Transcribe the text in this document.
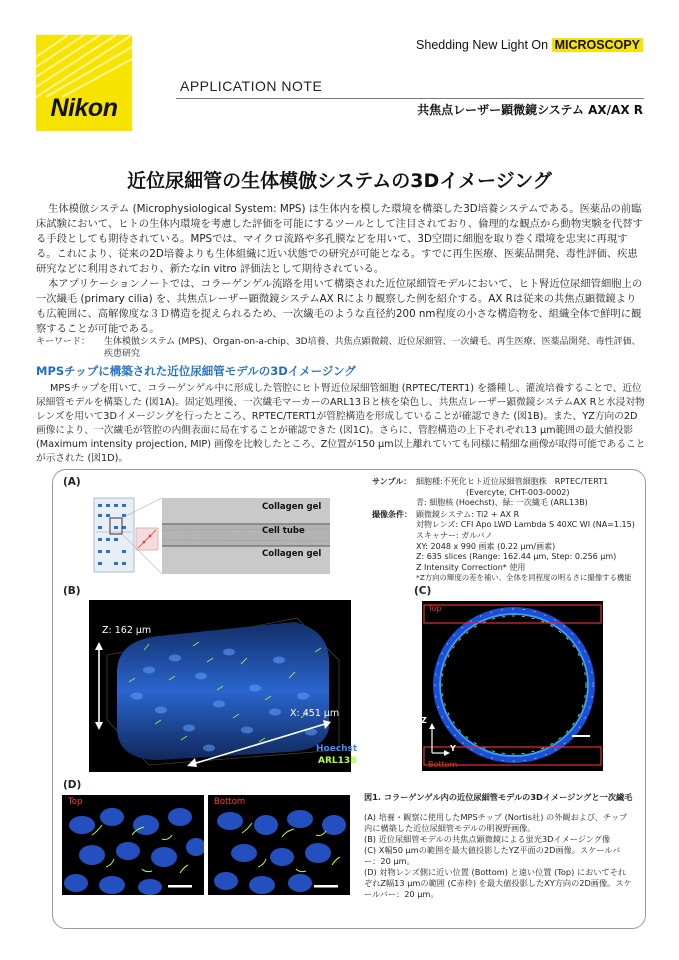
Nikon
Shedding New Light On MICROSCOPY
APPLICATION NOTE
共焦点レーザー顕微鏡システム AX/AX R
近位尿細管の生体模倣システムの3Dイメージング

生体模倣システム (Microphysiological System: MPS) は生体内を模した環境を構築した3D培養システムである。医薬品の前臨床試験において、ヒトの生体内環境を考慮した評価を可能にするツールとして注目されており、倫理的な観点から動物実験を代替する手段としても期待されている。MPSでは、マイクロ流路や多孔膜などを用いて、3D空間に細胞を取り巻く環境を忠実に再現する。これにより、従来の2D培養よりも生体組織に近い状態での研究が可能となる。すでに再生医療、医薬品開発、毒性評価、疾患研究などに利用されており、新たなin vitro 評価法として期待されている。

本アプリケーションノートでは、コラーゲンゲル流路を用いて構築された近位尿細管モデルにおいて、ヒト腎近位尿細管細胞上の一次繊毛 (primary cilia) を、共焦点レーザー顕微鏡システムAX Rにより観察した例を紹介する。AX Rは従来の共焦点顕微鏡よりも広範囲に、高解像度な３Ｄ構造を捉えられるため、一次繊毛のような直径約200 nm程度の小さな構造物を、組織全体で鮮明に観察することが可能である。

キーワード： 生体模倣システム (MPS)、Organ-on-a-chip、3D培養、共焦点顕微鏡、近位尿細管、一次繊毛、再生医療、医薬品開発、毒性評価、疾患研究
MPSチップに構築された近位尿細管モデルの3Dイメージング
MPSチップを用いて、コラーゲンゲル中に形成した管腔にヒト腎近位尿細管細胞 (RPTEC/TERT1) を播種し、灌流培養することで、近位尿細管モデルを構築した (図1A)。固定処理後、一次繊毛マーカーのARL13Ｂと核を染色し、共焦点レーザー顕微鏡システムAX Rと水浸対物レンズを用いて3Dイメージングを行ったところ、RPTEC/TERT1が管腔構造を形成していることが確認できた (図1B)。また、YZ方向の2D画像により、一次繊毛が管腔の内側表面に局在することが確認できた (図1C)。さらに、管腔構造の上下それぞれ13 µm範囲の最大値投影 (Maximum intensity projection, MIP) 画像を比較したところ、Z位置が150 µm以上離れていても同様に精細な画像が取得可能であることが示された (図1D)。
(A)
(B)	(C)
(D)
Collagen gel
Cell tube
Collagen gel
Z: 162 µm
X: 451 µm
Hoechst
ARL13B
Top
Bottom
Z
Y
Top	Bottom
サンプル： 細胞種:不死化ヒト近位尿細管細胞株　RPTEC/TERT1
(Evercyte, CHT-003-0002)
青: 細胞核 (Hoechst)、緑: 一次繊毛 (ARL13B)
撮像条件： 顕微鏡システム: Ti2 + AX R
対物レンズ: CFI Apo LWD Lambda S 40XC WI (NA=1.15)
スキャナー: ガルバノ
XY: 2048 x 990 画素 (0.22 µm/画素)
Z: 635 slices (Range: 162.44 µm, Step: 0.256 µm)
Z Intensity Correction* 使用
*Z方向の輝度の差を補い、全体を同程度の明るさに撮像する機能
図1. コラーゲンゲル内の近位尿細管モデルの3Dイメージングと一次繊毛
(A) 培養・観察に使用したMPSチップ (Nortis社) の外観および、チップ内に構築した近位尿細管モデルの明視野画像。
(B) 近位尿細管モデルの共焦点顕微鏡による蛍光3Dイメージング像
(C) X幅50 µmの範囲を最大値投影したYZ平面の2D画像。スケールバー：20 µm。
(D) 対物レンズ側に近い位置 (Bottom) と遠い位置 (Top) においてそれぞれZ幅13 µmの範囲 (C赤枠) を最大値投影したXY方向の2D画像。スケールバー：20 µm。
